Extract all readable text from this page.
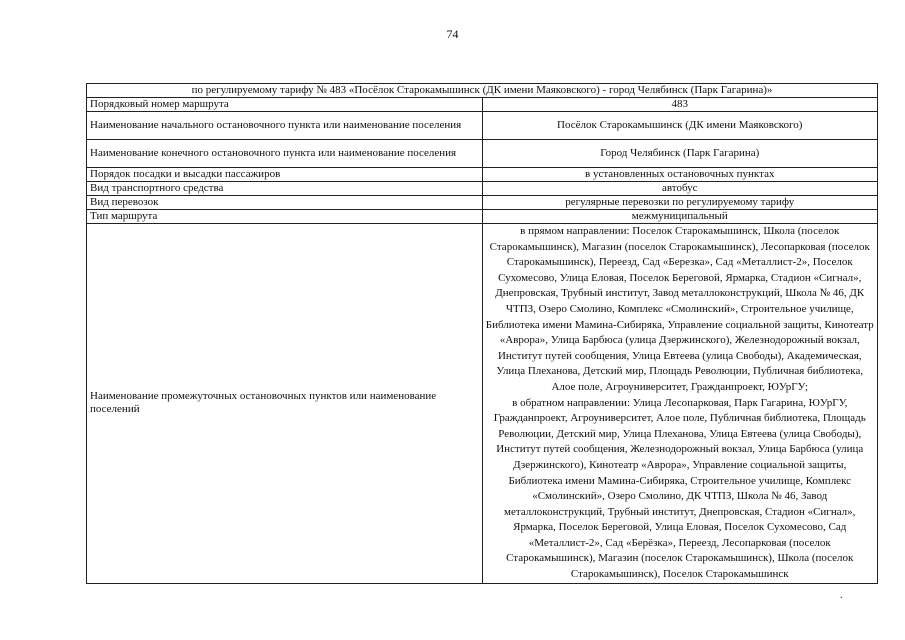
74
по регулируемому тарифу № 483 «Посёлок Старокамышинск (ДК имени Маяковского) - город Челябинск (Парк Гагарина)»	
Порядковый номер маршрута	483
Наименование начального остановочного пункта или наименование поселения	Посёлок Старокамышинск (ДК имени Маяковского)
Наименование конечного остановочного пункта или наименование поселения	Город Челябинск (Парк Гагарина)
Порядок посадки и высадки пассажиров	в установленных остановочных пунктах
Вид транспортного средства	автобус
Вид перевозок	регулярные перевозки по регулируемому тарифу
Тип маршрута	межмуниципальный
Наименование промежуточных остановочных пунктов или наименование поселений	в прямом направлении: Поселок Старокамышинск, Школа (поселок Старокамышинск), Магазин (поселок Старокамышинск), Лесопарковая (поселок Старокамышинск), Переезд, Сад «Березка», Сад «Металлист-2», Поселок Сухомесово, Улица Еловая, Поселок Береговой, Ярмарка, Стадион «Сигнал», Днепровская, Трубный институт, Завод металлоконструкций, Школа № 46, ДК ЧТПЗ, Озеро Смолино, Комплекс «Смолинский», Строительное училище, Библиотека имени Мамина-Сибиряка, Управление социальной защиты, Кинотеатр «Аврора», Улица Барбюса (улица Дзержинского), Железнодорожный вокзал, Институт путей сообщения, Улица Евтеева (улица Свободы), Академическая, Улица Плеханова, Детский мир, Площадь Революции, Публичная библиотека, Алое поле, Агроуниверситет, Гражданпроект, ЮУрГУ;
в обратном направлении: Улица Лесопарковая, Парк Гагарина, ЮУрГУ, Гражданпроект, Агроуниверситет, Алое поле, Публичная библиотека, Площадь Революции, Детский мир, Улица Плеханова, Улица Евтеева (улица Свободы), Институт путей сообщения, Железнодорожный вокзал, Улица Барбюса (улица Дзержинского), Кинотеатр «Аврора», Управление социальной защиты, Библиотека имени Мамина-Сибиряка, Строительное училище, Комплекс «Смолинский», Озеро Смолино, ДК ЧТПЗ, Школа № 46, Завод металлоконструкций, Трубный институт, Днепровская, Стадион «Сигнал», Ярмарка, Поселок Береговой, Улица Еловая, Поселок Сухомесово, Сад «Металлист-2», Сад «Берёзка», Переезд, Лесопарковая (поселок Старокамышинск), Магазин (поселок Старокамышинск), Школа (поселок Старокамышинск), Поселок Старокамышинск
.
